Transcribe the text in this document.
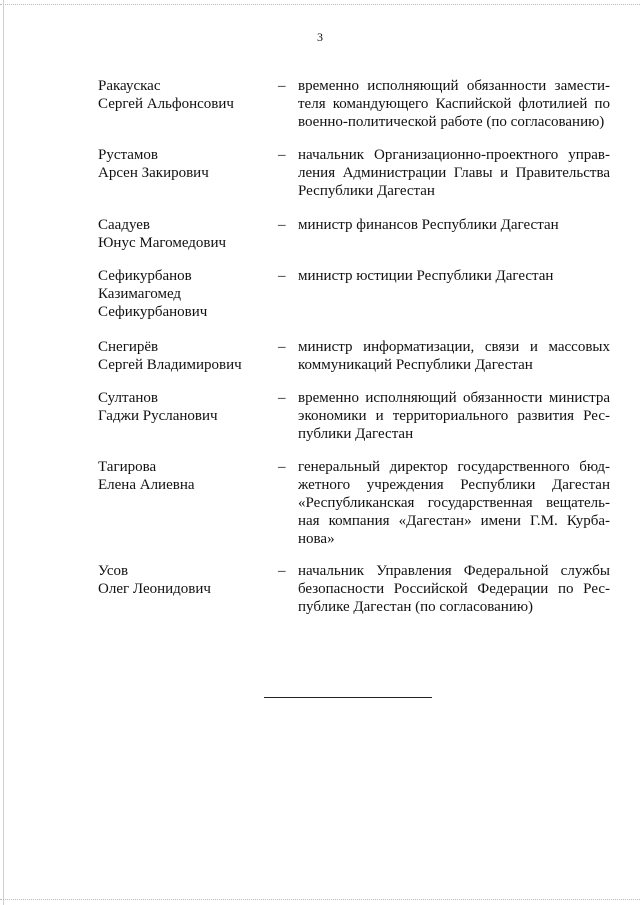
3
Ракаускас
Сергей Альфонсович
– временно исполняющий обязанности замести-
теля командующего Каспийской флотилией по
военно-политической работе (по согласованию)
Рустамов
Арсен Закирович
– начальник Организационно-проектного управ-
ления Администрации Главы и Правительства
Республики Дагестан
Саадуев
Юнус Магомедович
– министр финансов Республики Дагестан
Сефикурбанов
Казимагомед
Сефикурбанович
– министр юстиции Республики Дагестан
Снегирёв
Сергей Владимирович
– министр информатизации, связи и массовых
коммуникаций Республики Дагестан
Султанов
Гаджи Русланович
– временно исполняющий обязанности министра
экономики и территориального развития Рес-
публики Дагестан
Тагирова
Елена Алиевна
– генеральный директор государственного бюд-
жетного учреждения Республики Дагестан
«Республиканская государственная вещатель-
ная компания «Дагестан» имени Г.М. Курба-
нова»
Усов
Олег Леонидович
– начальник Управления Федеральной службы
безопасности Российской Федерации по Рес-
публике Дагестан (по согласованию)
